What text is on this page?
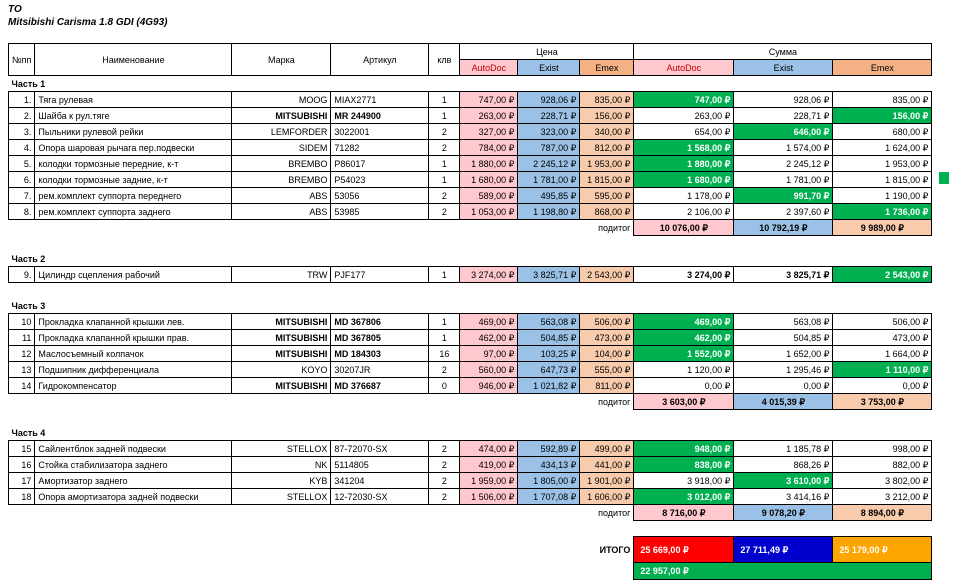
ТО
Mitsibishi Carisma 1.8 GDI (4G93)
№пп	Наименование	Марка	Артикул	клв	Цена			Сумма		
					AutoDoc	Exist	Emex	AutoDoc	Exist	Emex
Часть 1										
1.	Тяга рулевая	MOOG	MIAX2771	1	747,00 ₽	928,06 ₽	835,00 ₽	747,00 ₽	928,06 ₽	835,00 ₽
2.	Шайба к рул.тяге	MITSUBISHI	MR 244900	1	263,00 ₽	228,71 ₽	156,00 ₽	263,00 ₽	228,71 ₽	156,00 ₽
3.	Пыльники рулевой рейки	LEMFORDER	3022001	2	327,00 ₽	323,00 ₽	340,00 ₽	654,00 ₽	646,00 ₽	680,00 ₽
4.	Опора шаровая рычага пер.подвески	SIDEM	71282	2	784,00 ₽	787,00 ₽	812,00 ₽	1 568,00 ₽	1 574,00 ₽	1 624,00 ₽
5.	колодки тормозные передние, к-т	BREMBO	P86017	1	1 880,00 ₽	2 245,12 ₽	1 953,00 ₽	1 880,00 ₽	2 245,12 ₽	1 953,00 ₽
6.	колодки тормозные задние, к-т	BREMBO	P54023	1	1 680,00 ₽	1 781,00 ₽	1 815,00 ₽	1 680,00 ₽	1 781,00 ₽	1 815,00 ₽
7.	рем.комплект суппорта переднего	ABS	53056	2	589,00 ₽	495,85 ₽	595,00 ₽	1 178,00 ₽	991,70 ₽	1 190,00 ₽
8.	рем.комплект суппорта заднего	ABS	53985	2	1 053,00 ₽	1 198,80 ₽	868,00 ₽	2 106,00 ₽	2 397,60 ₽	1 736,00 ₽
подитог								10 076,00 ₽	10 792,19 ₽	9 989,00 ₽

Часть 2										
9.	Цилиндр сцепления рабочий	TRW	PJF177	1	3 274,00 ₽	3 825,71 ₽	2 543,00 ₽	3 274,00 ₽	3 825,71 ₽	2 543,00 ₽

Часть 3										
10	Прокладка клапанной крышки лев.	MITSUBISHI	MD 367806	1	469,00 ₽	563,08 ₽	506,00 ₽	469,00 ₽	563,08 ₽	506,00 ₽
11	Прокладка клапанной крышки прав.	MITSUBISHI	MD 367805	1	462,00 ₽	504,85 ₽	473,00 ₽	462,00 ₽	504,85 ₽	473,00 ₽
12	Маслосъемный колпачок	MITSUBISHI	MD 184303	16	97,00 ₽	103,25 ₽	104,00 ₽	1 552,00 ₽	1 652,00 ₽	1 664,00 ₽
13	Подшипник дифференциала	KOYO	30207JR	2	560,00 ₽	647,73 ₽	555,00 ₽	1 120,00 ₽	1 295,46 ₽	1 110,00 ₽
14	Гидрокомпенсатор	MITSUBISHI	MD 376687	0	946,00 ₽	1 021,82 ₽	811,00 ₽	0,00 ₽	0,00 ₽	0,00 ₽
подитог								3 603,00 ₽	4 015,39 ₽	3 753,00 ₽

Часть 4										
15	Сайлентблок задней подвески	STELLOX	87-72070-SX	2	474,00 ₽	592,89 ₽	499,00 ₽	948,00 ₽	1 185,78 ₽	998,00 ₽
16	Стойка стабилизатора заднего	NK	5114805	2	419,00 ₽	434,13 ₽	441,00 ₽	838,00 ₽	868,26 ₽	882,00 ₽
17	Амортизатор заднего	KYB	341204	2	1 959,00 ₽	1 805,00 ₽	1 901,00 ₽	3 918,00 ₽	3 610,00 ₽	3 802,00 ₽
18	Опора амортизатора задней подвески	STELLOX	12-72030-SX	2	1 506,00 ₽	1 707,08 ₽	1 606,00 ₽	3 012,00 ₽	3 414,16 ₽	3 212,00 ₽
подитог								8 716,00 ₽	9 078,20 ₽	8 894,00 ₽

ИТОГО								25 669,00 ₽	27 711,49 ₽	25 179,00 ₽
								22 957,00 ₽		
